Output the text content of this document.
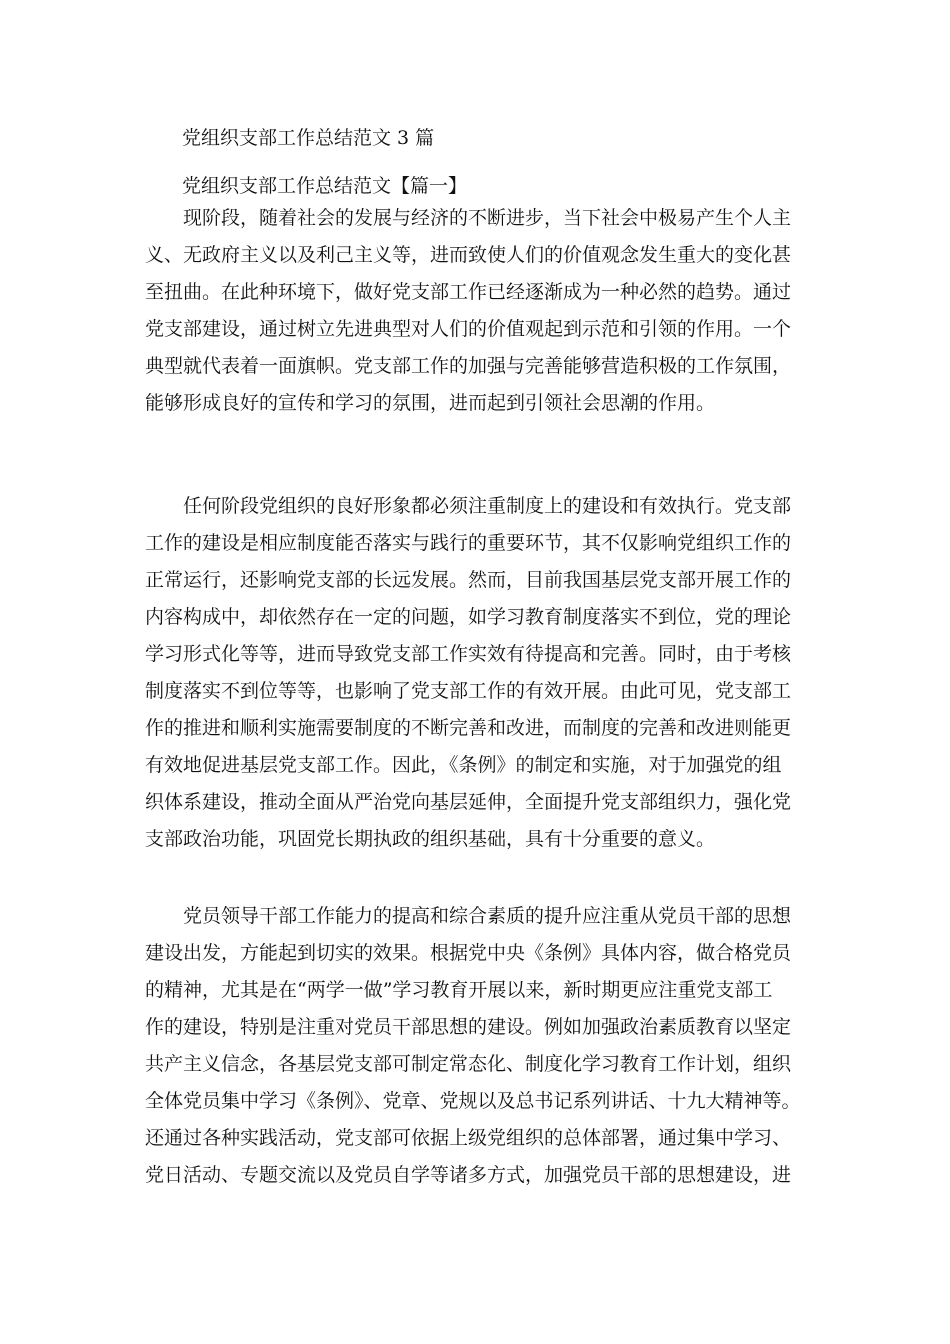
党组织支部工作总结范文 3 篇
党组织支部工作总结范文【篇一】
　　现阶段，随着社会的发展与经济的不断进步，当下社会中极易产生个人主
义、无政府主义以及利己主义等，进而致使人们的价值观念发生重大的变化甚
至扭曲。在此种环境下，做好党支部工作已经逐渐成为一种必然的趋势。通过
党支部建设，通过树立先进典型对人们的价值观起到示范和引领的作用。一个
典型就代表着一面旗帜。党支部工作的加强与完善能够营造积极的工作氛围，
能够形成良好的宣传和学习的氛围，进而起到引领社会思潮的作用。
　　任何阶段党组织的良好形象都必须注重制度上的建设和有效执行。党支部
工作的建设是相应制度能否落实与践行的重要环节，其不仅影响党组织工作的
正常运行，还影响党支部的长远发展。然而，目前我国基层党支部开展工作的
内容构成中，却依然存在一定的问题，如学习教育制度落实不到位，党的理论
学习形式化等等，进而导致党支部工作实效有待提高和完善。同时，由于考核
制度落实不到位等等，也影响了党支部工作的有效开展。由此可见，党支部工
作的推进和顺利实施需要制度的不断完善和改进，而制度的完善和改进则能更
有效地促进基层党支部工作。因此，《条例》的制定和实施，对于加强党的组
织体系建设，推动全面从严治党向基层延伸，全面提升党支部组织力，强化党
支部政治功能，巩固党长期执政的组织基础，具有十分重要的意义。
　　党员领导干部工作能力的提高和综合素质的提升应注重从党员干部的思想
建设出发，方能起到切实的效果。根据党中央《条例》具体内容，做合格党员
的精神，尤其是在“两学一做”学习教育开展以来，新时期更应注重党支部工
作的建设，特别是注重对党员干部思想的建设。例如加强政治素质教育以坚定
共产主义信念，各基层党支部可制定常态化、制度化学习教育工作计划，组织
全体党员集中学习《条例》、党章、党规以及总书记系列讲话、十九大精神等。
还通过各种实践活动，党支部可依据上级党组织的总体部署，通过集中学习、
党日活动、专题交流以及党员自学等诸多方式，加强党员干部的思想建设，进
